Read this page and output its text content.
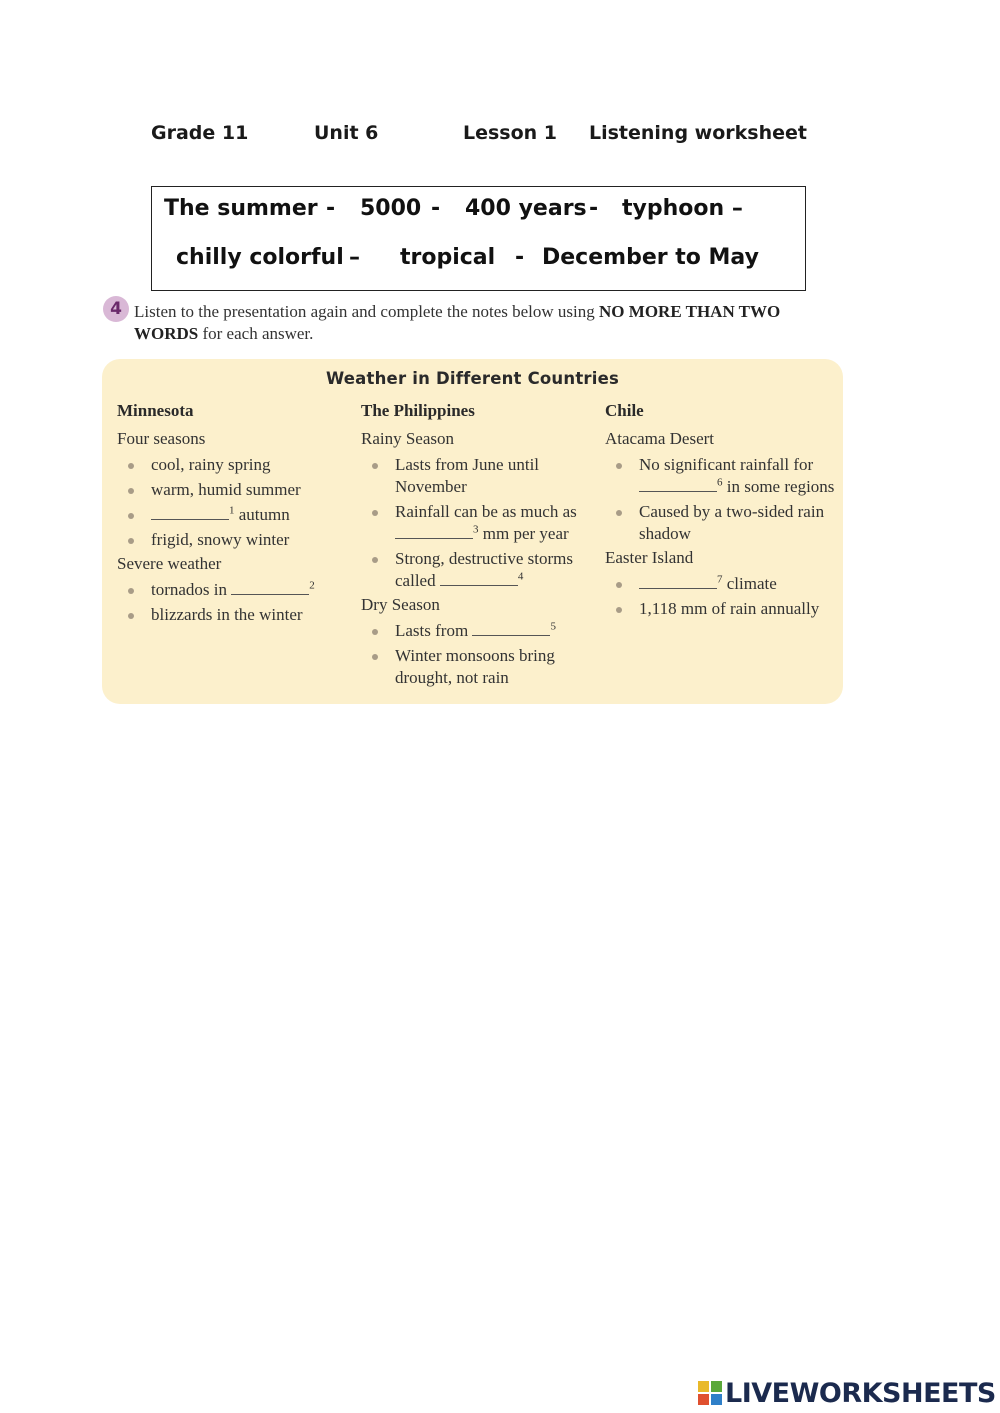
Grade 11	Unit 6	Lesson 1 Listening worksheet
The summer - 5000 - 400 years - typhoon –
chilly colorful – tropical - December to May
4 Listen to the presentation again and complete the notes below using NO MORE THAN TWO WORDS for each answer.
Weather in Different Countries
Minnesota
Four seasons
cool, rainy spring
warm, humid summer
$^1$ autumn
frigid, snowy winter
Severe weather
tornados in	$^2$
blizzards in the winter
The Philippines
Rainy Season
Lasts from June until November
Rainfall can be as much as $^3$ mm per year
Strong, destructive storms called	$^4$
Dry Season
Lasts from	$^5$
Winter monsoons bring drought, not rain
Chile
Atacama Desert
No significant rainfall for $^6$ in some regions
Caused by a two-sided rain shadow
Easter Island
$^7$ climate
1,118 mm of rain annually
LIVEWORKSHEETS
